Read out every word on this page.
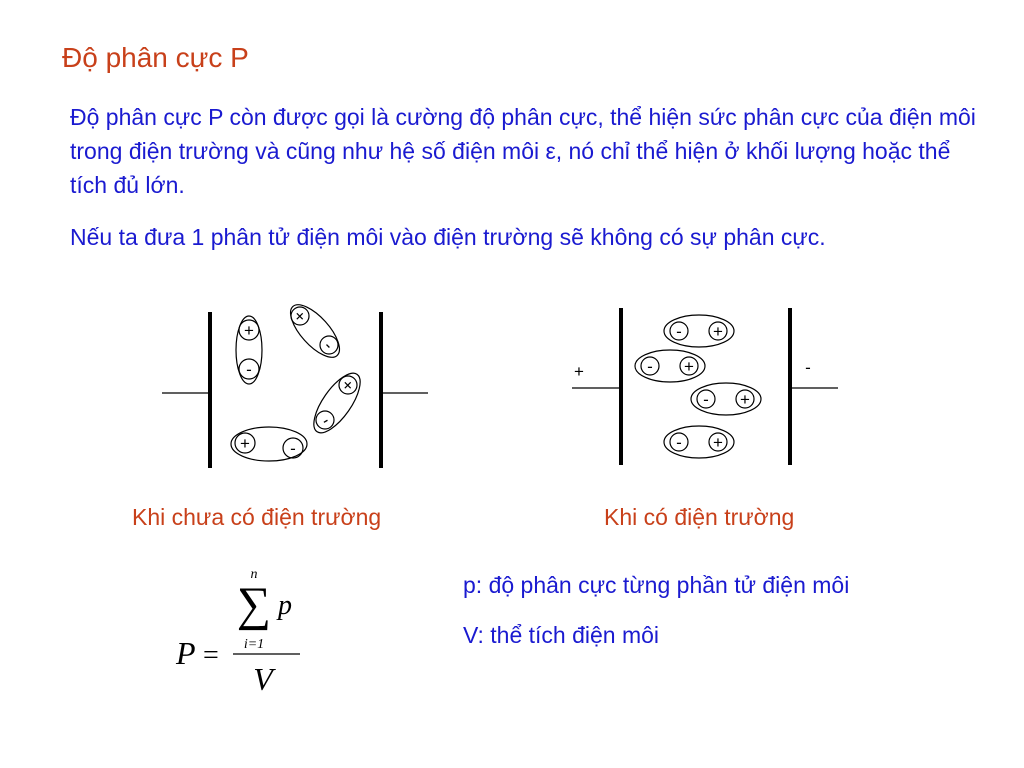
Độ phân cực P
Độ phân cực P còn được gọi là cường độ phân cực, thể hiện sức phân cực của điện môi trong điện trường và cũng như hệ số điện môi ε, nó chỉ thể hiện ở khối lượng hoặc thể tích đủ lớn.
Nếu ta đưa 1 phân tử điện môi vào điện trường sẽ không có sự phân cực.
+
-
+
-
+
-
+ -
+	-
- +
- +
- +
- +
Khi chưa có điện trường	Khi có điện trường
P =
n
∑
i=1
p
V
p: độ phân cực từng phần tử điện môi
V: thể tích điện môi
